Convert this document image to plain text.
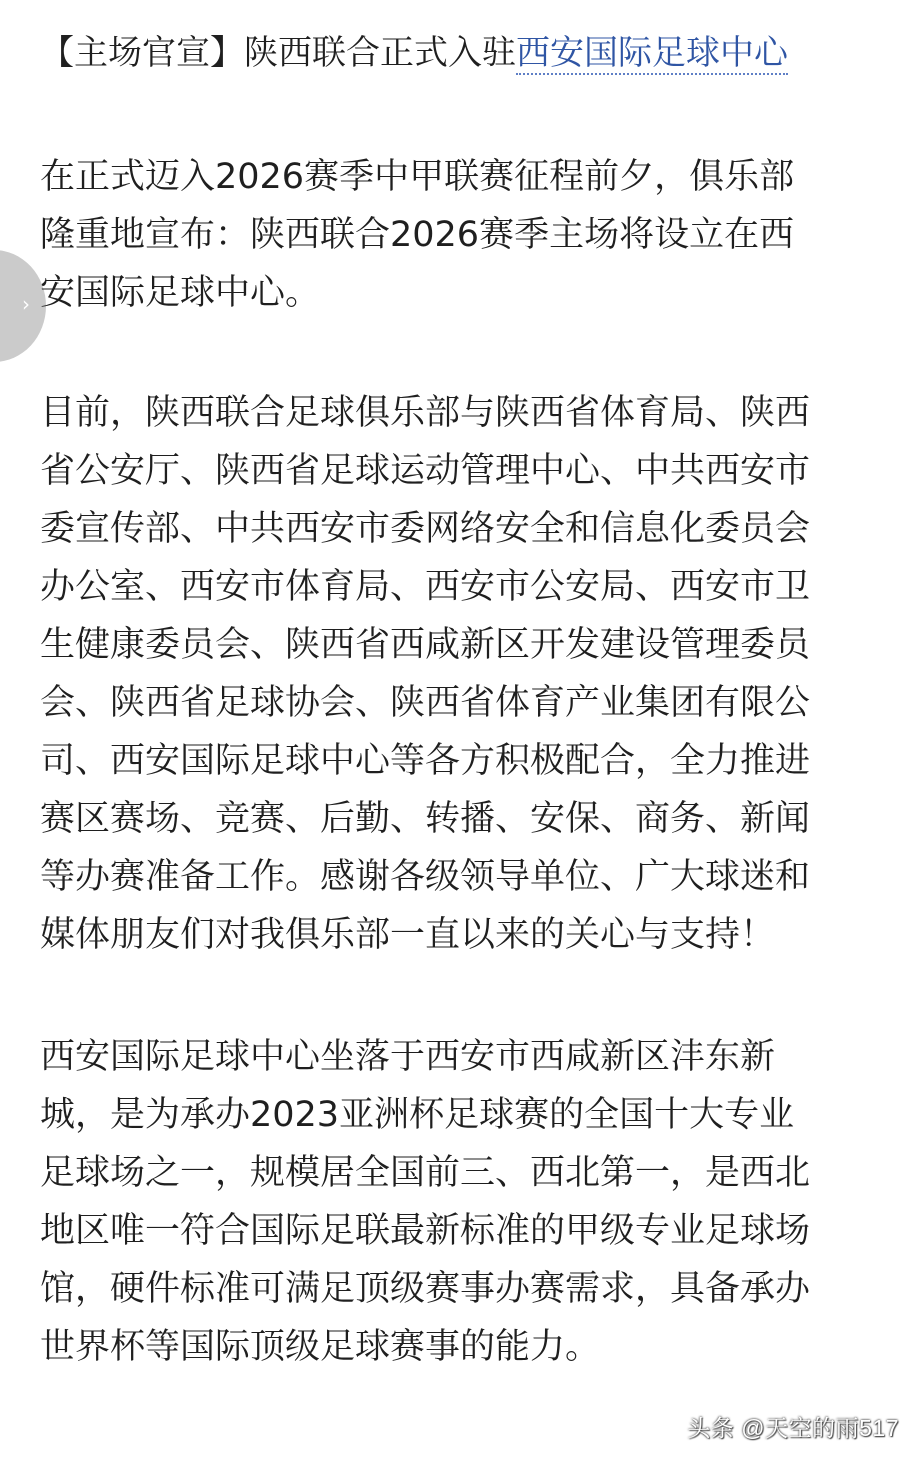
›
【主场官宣】陕西联合正式入驻西安国际足球中心
在正式迈入2026赛季中甲联赛征程前夕，俱乐部
隆重地宣布：陕西联合2026赛季主场将设立在西
安国际足球中心。
目前，陕西联合足球俱乐部与陕西省体育局、陕西
省公安厅、陕西省足球运动管理中心、中共西安市
委宣传部、中共西安市委网络安全和信息化委员会
办公室、西安市体育局、西安市公安局、西安市卫
生健康委员会、陕西省西咸新区开发建设管理委员
会、陕西省足球协会、陕西省体育产业集团有限公
司、西安国际足球中心等各方积极配合，全力推进
赛区赛场、竞赛、后勤、转播、安保、商务、新闻
等办赛准备工作。感谢各级领导单位、广大球迷和
媒体朋友们对我俱乐部一直以来的关心与支持！
西安国际足球中心坐落于西安市西咸新区沣东新
城，是为承办2023亚洲杯足球赛的全国十大专业
足球场之一，规模居全国前三、西北第一，是西北
地区唯一符合国际足联最新标准的甲级专业足球场
馆，硬件标准可满足顶级赛事办赛需求，具备承办
世界杯等国际顶级足球赛事的能力。
头条 @天空的雨517
